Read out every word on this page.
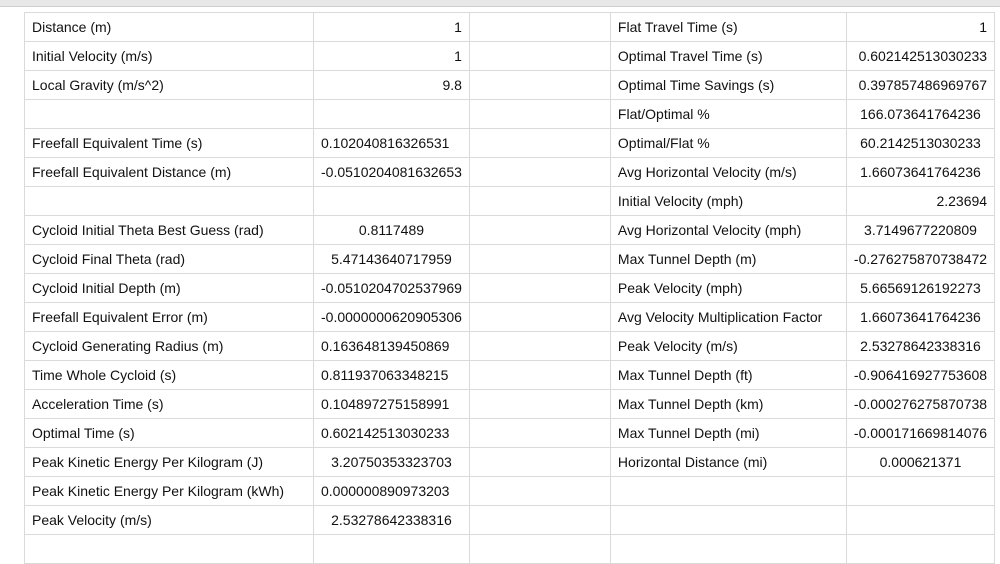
Distance (m)	1		Flat Travel Time (s)	1
Initial Velocity (m/s)	1		Optimal Travel Time (s)	0.602142513030233
Local Gravity (m/s^2)	9.8		Optimal Time Savings (s)	0.397857486969767
			Flat/Optimal %	166.073641764236
Freefall Equivalent Time (s)	0.102040816326531		Optimal/Flat %	60.2142513030233
Freefall Equivalent Distance (m)	-0.0510204081632653		Avg Horizontal Velocity (m/s)	1.66073641764236
			Initial Velocity (mph)	2.23694
Cycloid Initial Theta Best Guess (rad)	0.8117489		Avg Horizontal Velocity (mph)	3.7149677220809
Cycloid Final Theta (rad)	5.47143640717959		Max Tunnel Depth (m)	-0.276275870738472
Cycloid Initial Depth (m)	-0.0510204702537969		Peak Velocity (mph)	5.66569126192273
Freefall Equivalent Error (m)	-0.0000000620905306		Avg Velocity Multiplication Factor	1.66073641764236
Cycloid Generating Radius (m)	0.163648139450869		Peak Velocity (m/s)	2.53278642338316
Time Whole Cycloid (s)	0.811937063348215		Max Tunnel Depth (ft)	-0.906416927753608
Acceleration Time (s)	0.104897275158991		Max Tunnel Depth (km)	-0.000276275870738
Optimal Time (s)	0.602142513030233		Max Tunnel Depth (mi)	-0.000171669814076
Peak Kinetic Energy Per Kilogram (J)	3.20750353323703		Horizontal Distance (mi)	0.000621371
Peak Kinetic Energy Per Kilogram (kWh)	0.000000890973203			
Peak Velocity (m/s)	2.53278642338316			
